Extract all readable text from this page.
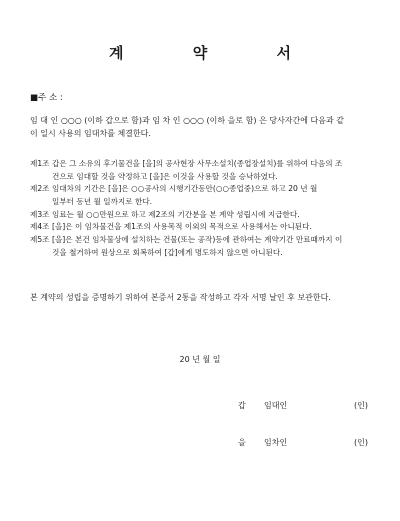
계 약 서
■주 소 :
임 대 인 ○○○ (이하 갑으로 함)과 임 차 인 ○○○ (이하 을로 함) 은 당사자간에 다음과 같
이 일시 사용의 임대차를 체결한다.
제1조 갑은 그 소유의 후기물건을 [을]의 공사현장 사무소설치(종업장설치)를 위하여 다음의 조
건으로 임대할 것을 약정하고 [을]은 이것을 사용할 것을 승낙하였다.
제2조 임대차의 기간은 [을]은 ○○공사의 시행기간동안(○○종업중)으로 하고 20 년 월
일부터 동년 월 일까지로 한다.
제3조 임료는 월 ○○만원으로 하고 제2조의 기간분을 본 계약 성립시에 지급한다.
제4조 [을]은 이 임차물건을 제1조의 사용목적 이외의 목적으로 사용해서는 아니된다.
제5조 [을]은 본건 임차물상에 설치하는 건물(또는 공작)등에 관하여는 계약기간 만료때까지 이
것을 철거하여 원상으로 회복하여 [갑]에게 명도하지 않으면 아니된다.
본 계약의 성립을 증명하기 위하여 본증서 2통을 작성하고 각자 서명 날인 후 보관한다.
20 년 월 일
갑 임대인	(인)
을 임차인	(인)
